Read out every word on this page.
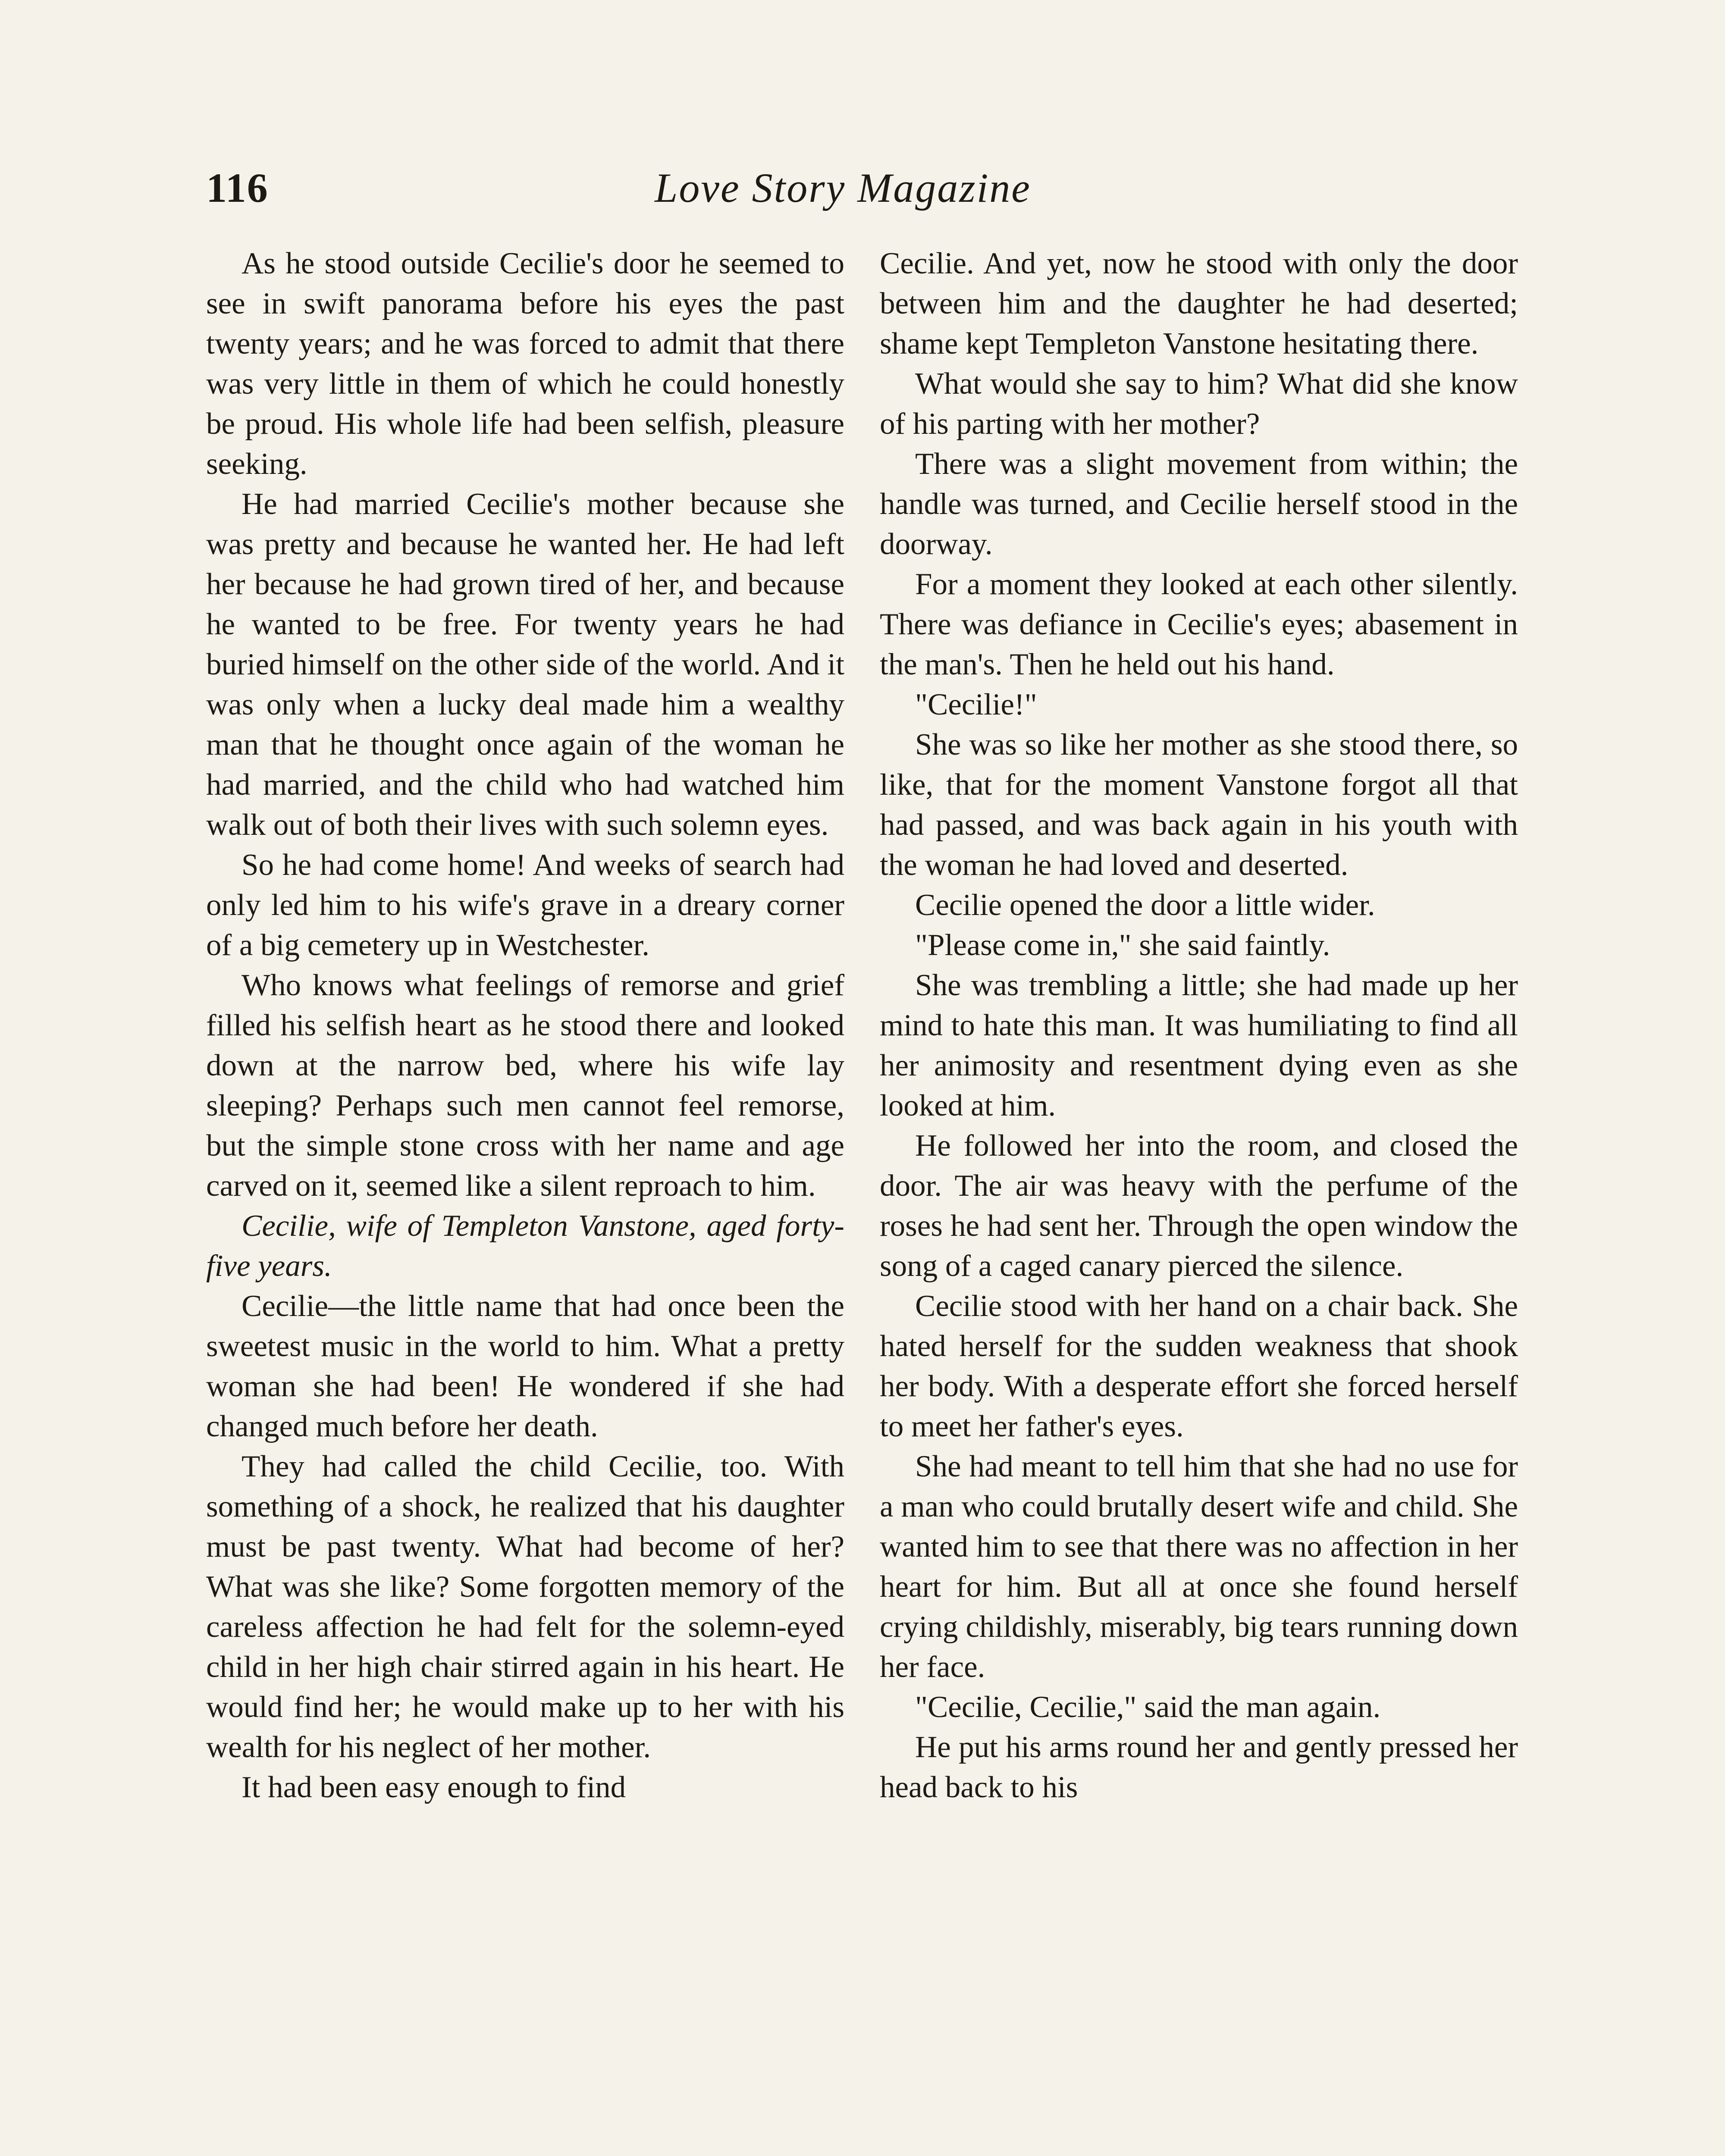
116	Love Story Magazine

As he stood outside Cecilie's door he seemed to see in swift panorama before his eyes the past twenty years; and he was forced to admit that there was very little in them of which he could honestly be proud. His whole life had been selfish, pleasure seeking.

He had married Cecilie's mother because she was pretty and because he wanted her. He had left her because he had grown tired of her, and because he wanted to be free. For twenty years he had buried himself on the other side of the world. And it was only when a lucky deal made him a wealthy man that he thought once again of the woman he had married, and the child who had watched him walk out of both their lives with such solemn eyes.

So he had come home! And weeks of search had only led him to his wife's grave in a dreary corner of a big cemetery up in Westchester.

Who knows what feelings of remorse and grief filled his selfish heart as he stood there and looked down at the narrow bed, where his wife lay sleeping? Perhaps such men cannot feel remorse, but the simple stone cross with her name and age carved on it, seemed like a silent reproach to him.

Cecilie, wife of Templeton Vanstone, aged forty-five years.

Cecilie—the little name that had once been the sweetest music in the world to him. What a pretty woman she had been! He wondered if she had changed much before her death.

They had called the child Cecilie, too. With something of a shock, he realized that his daughter must be past twenty. What had become of her? What was she like? Some forgotten memory of the careless affection he had felt for the solemn-eyed child in her high chair stirred again in his heart. He would find her; he would make up to her with his wealth for his neglect of her mother.

It had been easy enough to find

Cecilie. And yet, now he stood with only the door between him and the daughter he had deserted; shame kept Templeton Vanstone hesitating there.

What would she say to him? What did she know of his parting with her mother?

There was a slight movement from within; the handle was turned, and Cecilie herself stood in the doorway.

For a moment they looked at each other silently. There was defiance in Cecilie's eyes; abasement in the man's. Then he held out his hand.

"Cecilie!"

She was so like her mother as she stood there, so like, that for the moment Vanstone forgot all that had passed, and was back again in his youth with the woman he had loved and deserted.

Cecilie opened the door a little wider.

"Please come in," she said faintly.

She was trembling a little; she had made up her mind to hate this man. It was humiliating to find all her animosity and resentment dying even as she looked at him.

He followed her into the room, and closed the door. The air was heavy with the perfume of the roses he had sent her. Through the open window the song of a caged canary pierced the silence.

Cecilie stood with her hand on a chair back. She hated herself for the sudden weakness that shook her body. With a desperate effort she forced herself to meet her father's eyes.

She had meant to tell him that she had no use for a man who could brutally desert wife and child. She wanted him to see that there was no affection in her heart for him. But all at once she found herself crying childishly, miserably, big tears running down her face.

"Cecilie, Cecilie," said the man again.

He put his arms round her and gently pressed her head back to his
